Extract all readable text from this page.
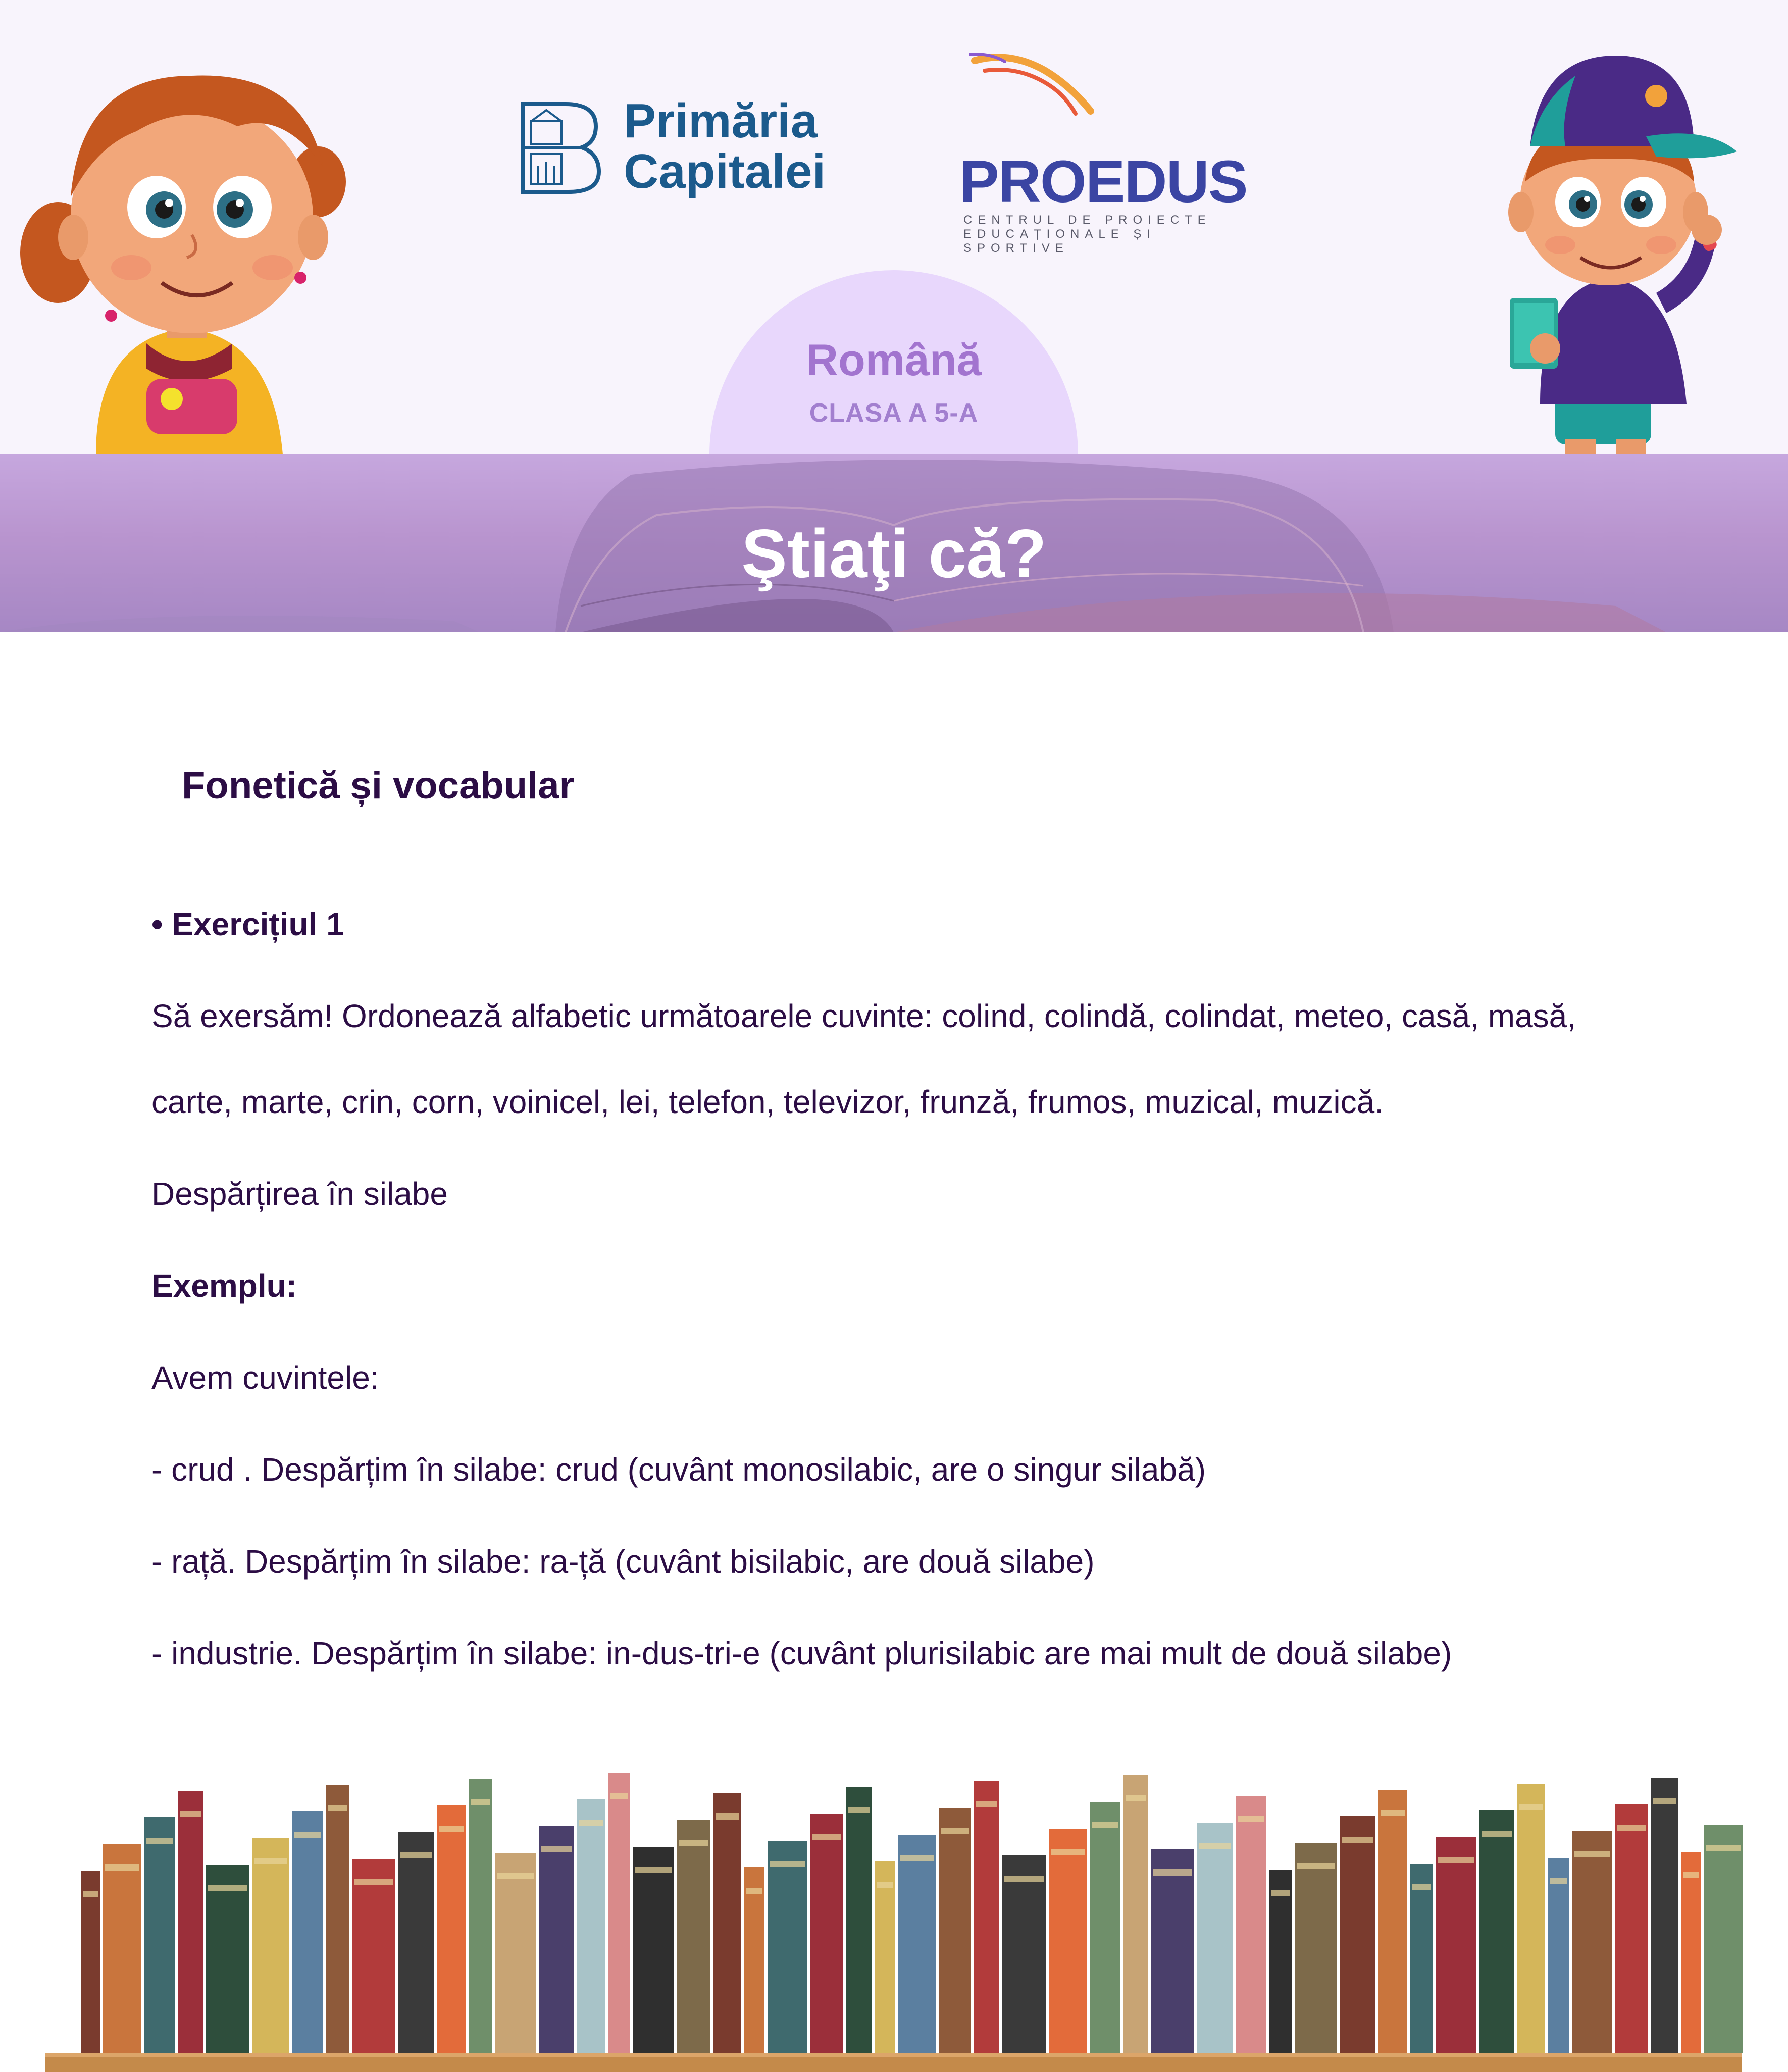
Primăria
Capitalei PROEDUS
CENTRUL DE PROIECTE
EDUCAȚIONALE ȘI SPORTIVE
Română
CLASA A 5-A
Ştiaţi că?
Fonetică și vocabular

• Exercițiul 1

Să exersăm! Ordonează alfabetic următoarele cuvinte: colind, colindă, colindat, meteo, casă, masă,

carte, marte, crin, corn, voinicel, lei, telefon, televizor, frunză, frumos, muzical, muzică.

Despărțirea în silabe

Exemplu:

Avem cuvintele:

- crud . Despărțim în silabe: crud (cuvânt monosilabic, are o singur silabă)

- rață. Despărțim în silabe: ra-ță (cuvânt bisilabic, are două silabe)

- industrie. Despărțim în silabe: in-dus-tri-e (cuvânt plurisilabic are mai mult de două silabe)
